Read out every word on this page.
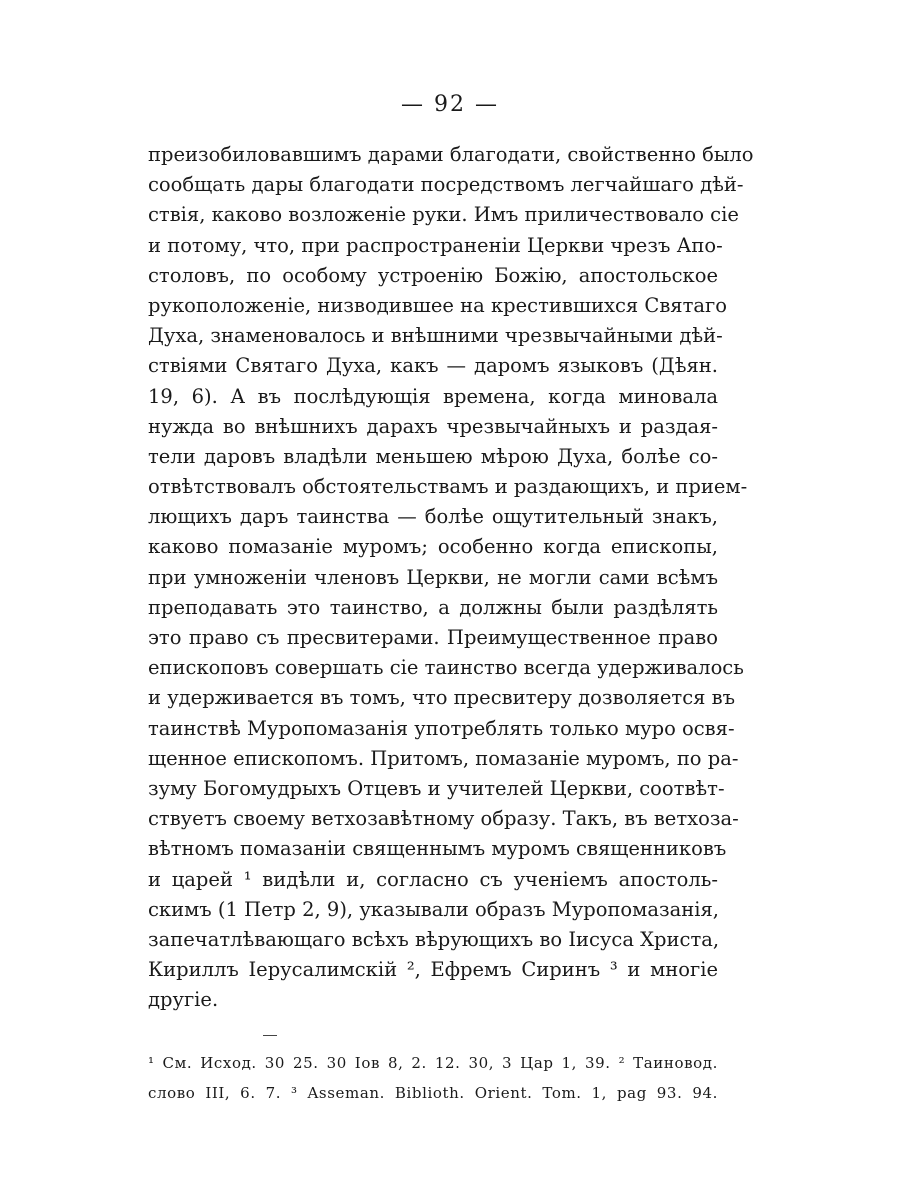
— 92 —
преизобиловавшимъ дарами благодати, свойственно было
сообщать дары благодати посредствомъ легчайшаго дѣй-
ствія, каково возложеніе руки. Имъ приличествовало сіе
и потому, что, при распространеніи Церкви чрезъ Апо-
столовъ, по особому устроенію Божію, апостольское
рукоположеніе, низводившее на крестившихся Святаго
Духа, знаменовалось и внѣшними чрезвычайными дѣй-
ствіями Святаго Духа, какъ — даромъ языковъ (Дѣян.
19, 6). А въ послѣдующія времена, когда миновала
нужда во внѣшнихъ дарахъ чрезвычайныхъ и раздая-
тели даровъ владѣли меньшею мѣрою Духа, болѣе со-
отвѣтствовалъ обстоятельствамъ и раздающихъ, и прием-
лющихъ даръ таинства — болѣе ощутительный знакъ,
каково помазаніе муромъ; особенно когда епископы,
при умноженіи членовъ Церкви, не могли сами всѣмъ
преподавать это таинство, а должны были раздѣлять
это право съ пресвитерами. Преимущественное право
епископовъ совершать сіе таинство всегда удерживалось
и удерживается въ томъ, что пресвитеру дозволяется въ
таинствѣ Муропомазанія употреблять только муро освя-
щенное епископомъ. Притомъ, помазаніе муромъ, по ра-
зуму Богомудрыхъ Отцевъ и учителей Церкви, соотвѣт-
ствуетъ своему ветхозавѣтному образу. Такъ, въ ветхоза-
вѣтномъ помазаніи священнымъ муромъ священниковъ
и царей ¹ видѣли и, согласно съ ученіемъ апостоль-
скимъ (1 Петр 2, 9), указывали образъ Муропомазанія,
запечатлѣвающаго всѣхъ вѣрующихъ во Іисуса Христа,
Кириллъ Іерусалимскій ², Ефремъ Сиринъ ³ и многіе
другіе.
¹ См. Исход. 30 25. 30 Іов 8, 2. 12. 30, 3 Цар 1, 39. ² Таиновод.
слово III, 6. 7. ³ Asseman. Biblioth. Orient. Tom. 1, pag 93. 94.
